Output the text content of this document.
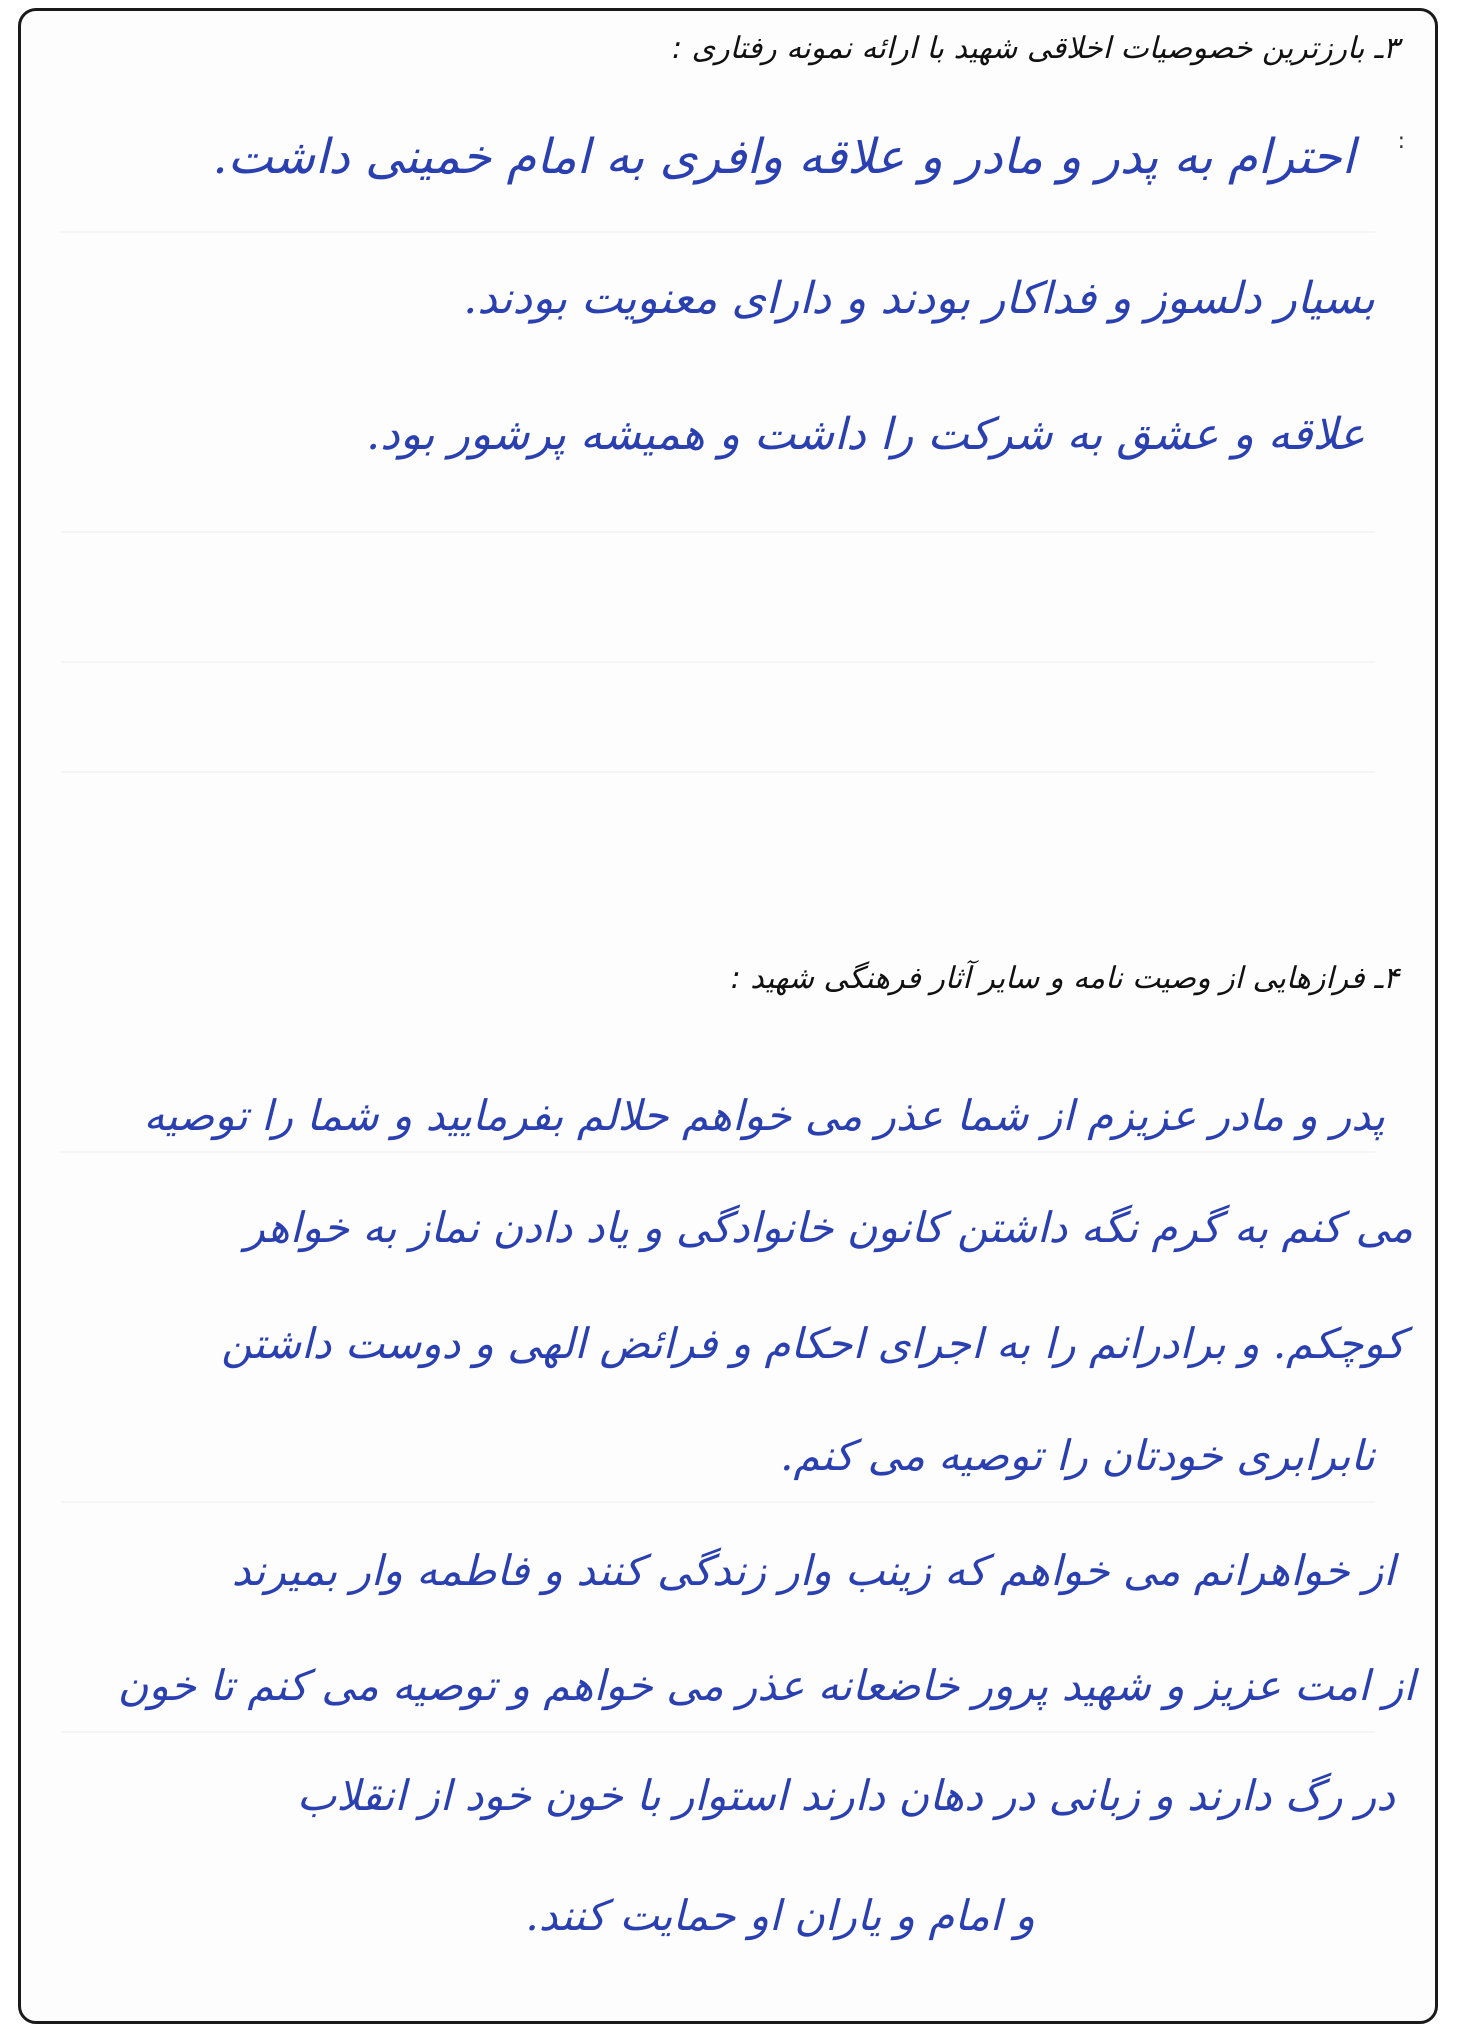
۳ـ بارزترین خصوصیات اخلاقی شهید با ارائه نمونه رفتاری :
:
احترام به پدر و مادر و علاقه وافری به امام خمینی داشت.
بسیار دلسوز و فداکار بودند و دارای معنویت بودند.
علاقه و عشق به شرکت را داشت و همیشه پرشور بود.
۴ـ فرازهایی از وصیت نامه و سایر آثار فرهنگی شهید :
پدر و مادر عزیزم از شما عذر می خواهم حلالم بفرمایید و شما را توصیه
می کنم به گرم نگه داشتن کانون خانوادگی و یاد دادن نماز به خواهر
کوچکم. و برادرانم را به اجرای احکام و فرائض الهی و دوست داشتن
نابرابری خودتان را توصیه می کنم.
از خواهرانم می خواهم که زینب وار زندگی کنند و فاطمه وار بمیرند
از امت عزیز و شهید پرور خاضعانه عذر می خواهم و توصیه می کنم تا خون
در رگ دارند و زبانی در دهان دارند استوار با خون خود از انقلاب
و امام و یاران او حمایت کنند.
